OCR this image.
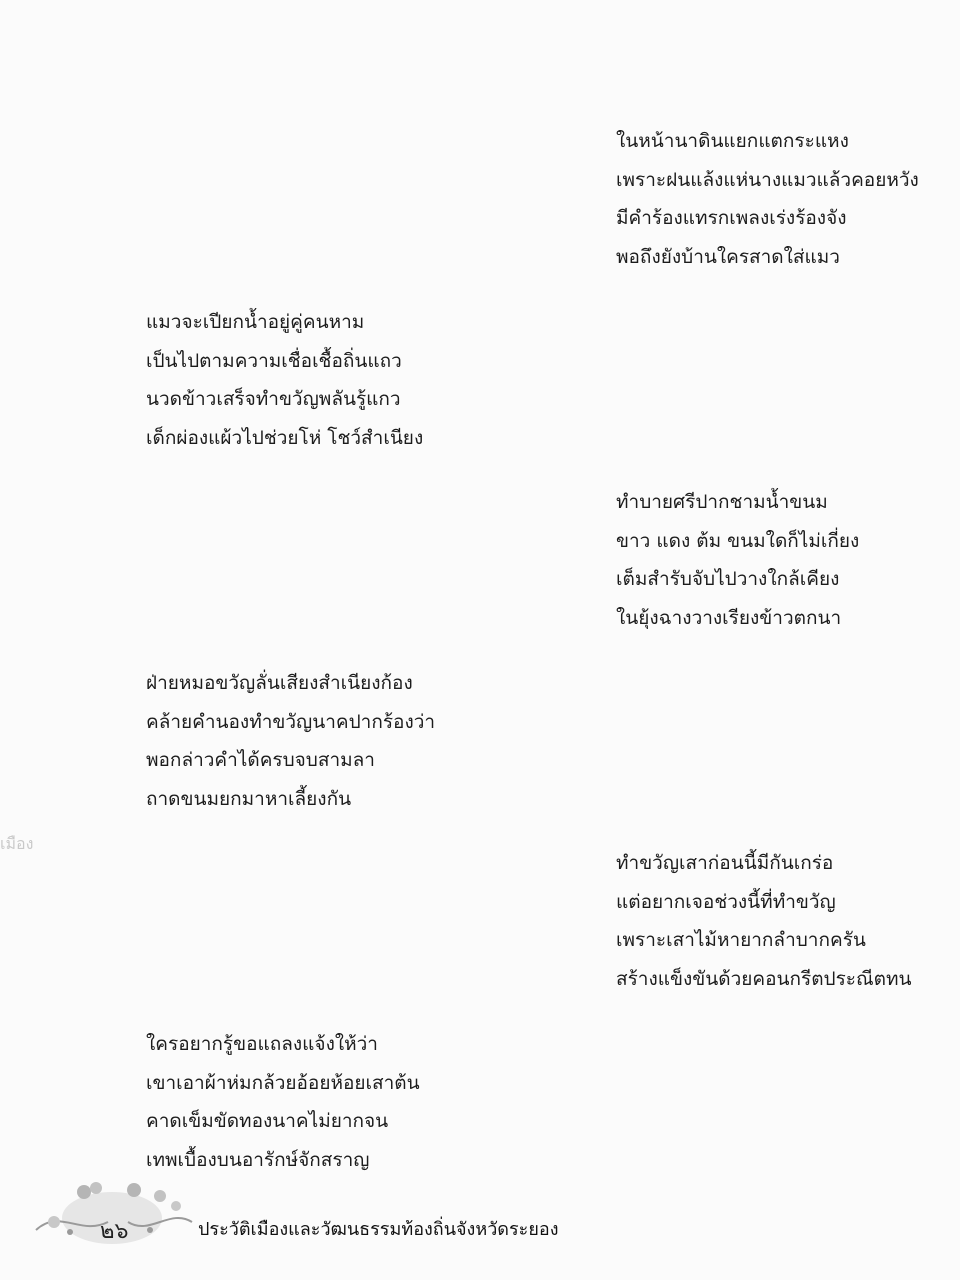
เมือง
ในหน้านาดินแยกแตกระแหง
เพราะฝนแล้งแห่นางแมวแล้วคอยหวัง
มีคำร้องแทรกเพลงเร่งร้องจัง
พอถึงยังบ้านใครสาดใส่แมว
แมวจะเปียกน้ำอยู่คู่คนหาม
เป็นไปตามความเชื่อเชื้อถิ่นแถว
นวดข้าวเสร็จทำขวัญพลันรู้แกว
เด็กผ่องแผ้วไปช่วยโห่ โชว์สำเนียง
ทำบายศรีปากชามน้ำขนม
ขาว แดง ต้ม ขนมใดก็ไม่เกี่ยง
เต็มสำรับจับไปวางใกล้เคียง
ในยุ้งฉางวางเรียงข้าวตกนา
ฝ่ายหมอขวัญลั่นเสียงสำเนียงก้อง
คล้ายคำนองทำขวัญนาคปากร้องว่า
พอกล่าวคำได้ครบจบสามลา
ถาดขนมยกมาหาเลี้ยงกัน
ทำขวัญเสาก่อนนี้มีกันเกร่อ
แต่อยากเจอช่วงนี้ที่ทำขวัญ
เพราะเสาไม้หายากลำบากครัน
สร้างแข็งขันด้วยคอนกรีตประณีตทน
ใครอยากรู้ขอแถลงแจ้งให้ว่า
เขาเอาผ้าห่มกล้วยอ้อยห้อยเสาต้น
คาดเข็มขัดทองนาคไม่ยากจน
เทพเบื้องบนอารักษ์จักสราญ
๒๖	ประวัติเมืองและวัฒนธรรมท้องถิ่นจังหวัดระยอง
